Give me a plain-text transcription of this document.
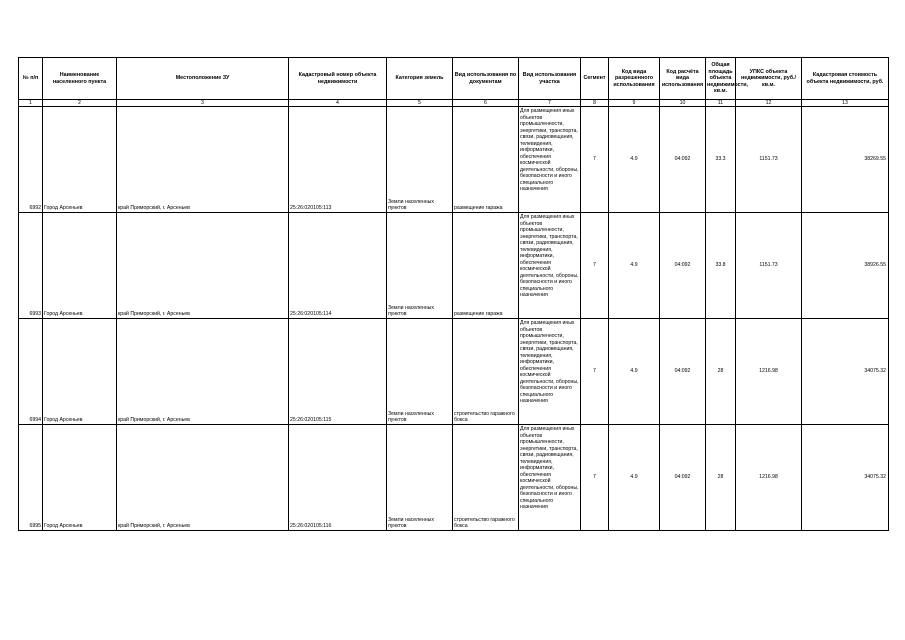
№ п/п	Наименование населенного пункта	Местоположение ЗУ	Кадастровый номер объекта недвижимости	Категория земель	Вид использования по документам	Вид использования участка	Сегмент	Код вида разрешенного использования	Код расчёта вида использования	Общая площадь объекта недвижимости, кв.м.	УПКС объекта недвижимости, руб./кв.м.	Кадастровая стоимость объекта недвижимости, руб.
1	2	3	4	5	6	7	8	9	10	11	12	13
6992	Город Арсеньев	край Приморский, г. Арсеньев	25:26:020105:113	Земли населенных пунктов	размещение гаража	Для размещения иных объектов промышленности, энергетики, транспорта, связи, радиовещания, телевидения, информатики, обеспечения космической деятельности, обороны, безопасности и иного специального назначения	7	4.9	04:092	33.3	1151.73	38269.55
6993	Город Арсеньев	край Приморский, г. Арсеньев	25:26:020105:114	Земли населенных пунктов	размещение гаража	Для размещения иных объектов промышленности, энергетики, транспорта, связи, радиовещания, телевидения, информатики, обеспечения космической деятельности, обороны, безопасности и иного специального назначения	7	4.9	04:092	33.8	1151.73	38926.55
6994	Город Арсеньев	край Приморский, г. Арсеньев	25:26:020105:115	Земли населенных пунктов	строительство гаражного бокса	Для размещения иных объектов промышленности, энергетики, транспорта, связи, радиовещания, телевидения, информатики, обеспечения космической деятельности, обороны, безопасности и иного специального назначения	7	4.9	04:092	28	1216.98	34075.32
6995	Город Арсеньев	край Приморский, г. Арсеньев	25:26:020105:116	Земли населенных пунктов	строительство гаражного бокса	Для размещения иных объектов промышленности, энергетики, транспорта, связи, радиовещания, телевидения, информатики, обеспечения космической деятельности, обороны, безопасности и иного специального назначения	7	4.9	04:092	28	1216.98	34075.32
